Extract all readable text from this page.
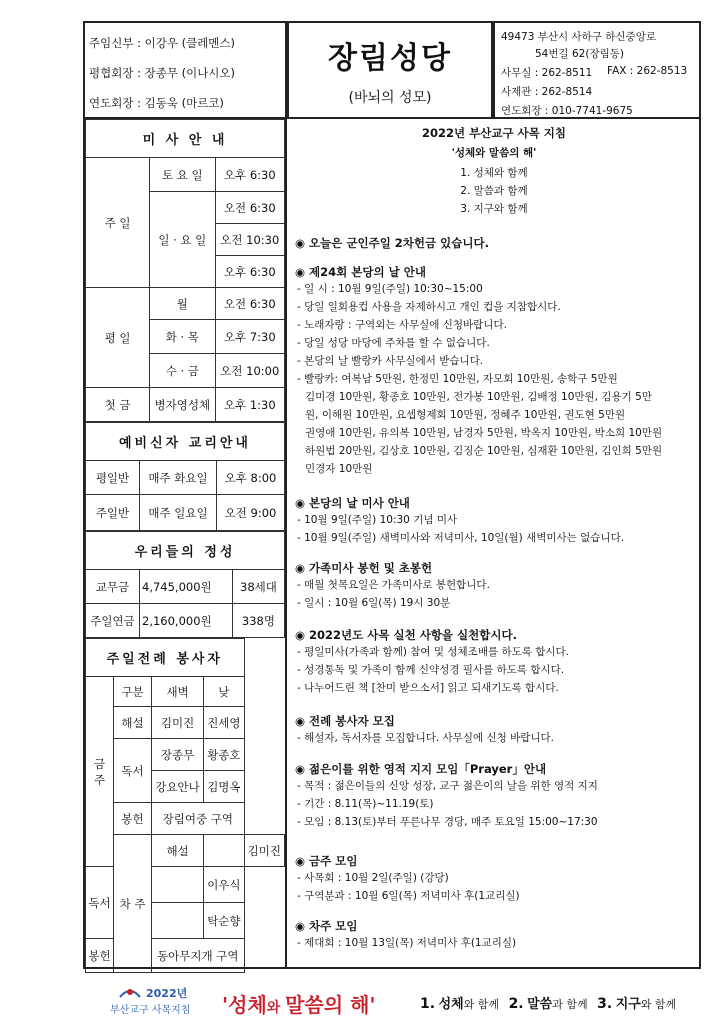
주임신부 : 이강우 (클레멘스)
평협회장 : 장종무 (이나시오)
연도회장 : 김동욱 (마르코)
장림성당
(바뇌의 성모)
49473 부산시 사하구 하신중앙로
54번길 62(장림동)
사무실 : 262-8511 FAX : 262-8513
사제관 : 262-8514
연도회장 : 010-7741-9675
미 사 안 내		
주 일	토 요 일	오후 6:30
	일 · 요 일	오전 6:30
		오전 10:30
		오후 6:30
평 일	월	오전 6:30
	화 · 목	오후 7:30
	수 · 금	오전 10:00
첫 금	병자영성체	오후 1:30
예비신자 교리안내		
평일반	매주 화요일	오후 8:00
주일반	매주 일요일	오전 9:00
우리들의 정성		
교무금	4,745,000원	38세대
주일연금	2,160,000원	338명
주일전례 봉사자				
금 주	구분	새벽	낮	
	해설	김미진	진세영	
	독서	장종무	황종호	
		강요안나	김명옥	
	봉헌	장림여중 구역		
	차 주	해설		김미진
독서			이우식	
			탁순향	
봉헌		동아무지개 구역		
2022년 부산교구 사목 지침
'성체와 말씀의 해'
1. 성체와 함께
2. 말씀과 함께
3. 지구와 함께
◉ 오늘은 군인주일 2차헌금 있습니다.
◉ 제24회 본당의 날 안내
- 일 시 : 10월 9일(주일) 10:30~15:00
- 당일 일회용컵 사용을 자제하시고 개인 컵을 지참합시다.
- 노래자랑 : 구역외는 사무실에 신청바랍니다.
- 당일 성당 마당에 주차를 할 수 없습니다.
- 본당의 날 빨랑카 사무실에서 받습니다.
- 빨랑카: 여복남 5만원, 한정민 10만원, 자모회 10만원, 송학구 5만원
김미경 10만원, 황종호 10만원, 전가봉 10만원, 김배정 10만원, 김용기 5만
원, 이해원 10만원, 요셉형제회 10만원, 정혜주 10만원, 권도현 5만원
권영애 10만원, 유의복 10만원, 남경자 5만원, 박옥지 10만원, 박소희 10만원
하원법 20만원, 김상호 10만원, 김징순 10만원, 심재환 10만원, 김인희 5만원
민경자 10만원
◉ 본당의 날 미사 안내
- 10월 9일(주일) 10:30 기념 미사
- 10월 9일(주일) 새벽미사와 저녁미사, 10일(월) 새벽미사는 없습니다.
◉ 가족미사 봉헌 및 초봉헌
- 매월 첫목요일은 가족미사로 봉헌합니다.
- 일시 : 10월 6일(목) 19시 30분
◉ 2022년도 사목 실천 사항을 실천합시다.
- 평일미사(가족과 함께) 참여 및 성체조배를 하도록 합시다.
- 성경통독 및 가족이 함께 신약성경 필사를 하도록 합시다.
- 나누어드린 책 [찬미 받으소서] 읽고 되새기도록 합시다.
◉ 전례 봉사자 모집
- 해설자, 독서자를 모집합니다. 사무실에 신청 바랍니다.
◉ 젊은이를 위한 영적 지지 모임「Prayer」안내
- 목적 : 젊은이들의 신앙 성장, 교구 젊은이의 날을 위한 영적 지지
- 기간 : 8.11(목)~11.19(토)
- 모임 : 8.13(토)부터 푸른나무 경당, 매주 토요일 15:00~17:30
◉ 금주 모임
- 사목회 : 10월 2일(주일) (강당)
- 구역분과 : 10월 6일(목) 저녁미사 후(1교리실)
◉ 차주 모임
- 제대회 : 10월 13일(목) 저녁미사 후(1교리실)
2022년
부산교구 사목지침 '성체와 말씀의 해'	1. 성체와 함께 2. 말씀과 함께 3. 지구와 함께
